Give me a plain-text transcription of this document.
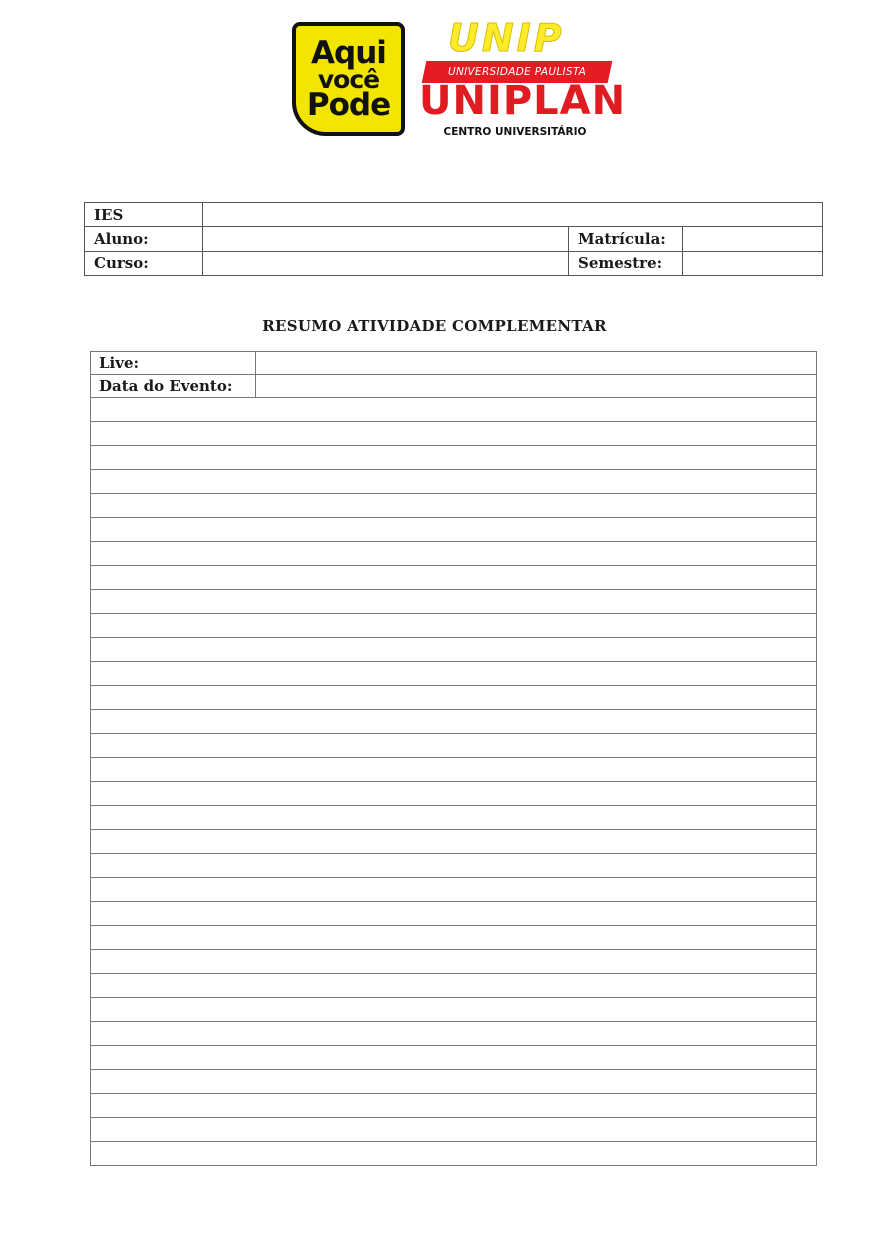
Aqui
você
Pode
UNIP
UNIVERSIDADE PAULISTA
UNIPLAN
CENTRO UNIVERSITÁRIO
IES			
Aluno:		Matrícula:	
Curso:		Semestre:	
RESUMO ATIVIDADE COMPLEMENTAR
Live:	
Data do Evento:	
